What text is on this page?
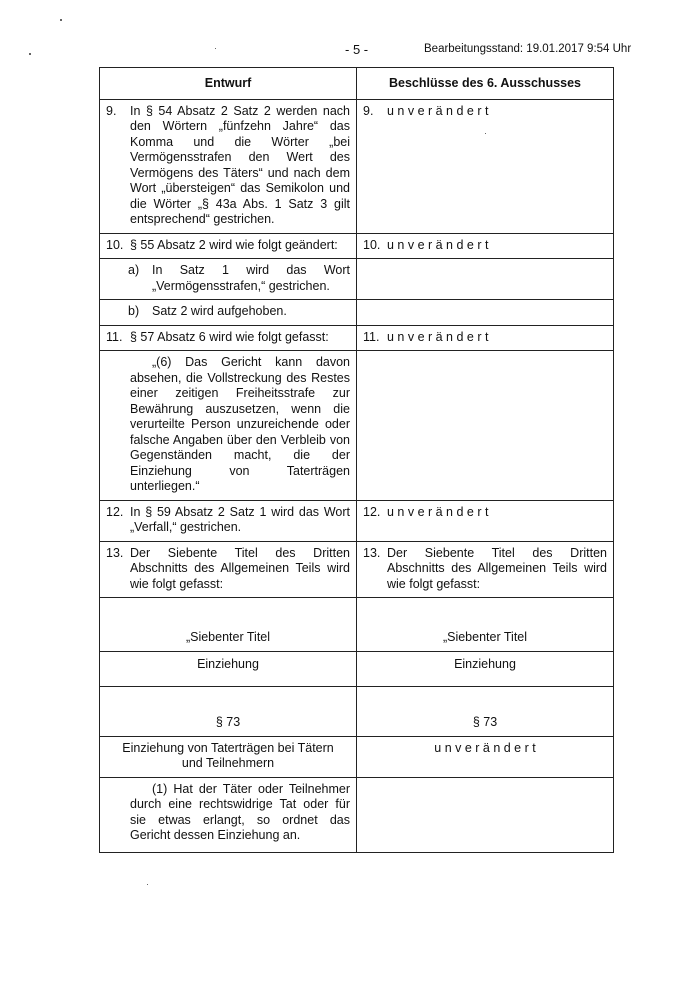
- 5 -	Bearbeitungsstand: 19.01.2017 9:54 Uhr
Entwurf	Beschlüsse des 6. Ausschusses

9. In § 54 Absatz 2 Satz 2 werden nach den Wörtern „fünfzehn Jahre“ das Komma und die Wörter „bei Vermögensstrafen den Wert des Vermögens des Täters“ und nach dem Wort „übersteigen“ das Semikolon und die Wörter „§ 43a Abs. 1 Satz 3 gilt entsprechend“ gestrichen.	9. u n v e r ä n d e r t

10. § 55 Absatz 2 wird wie folgt geändert:	10. u n v e r ä n d e r t

a) In Satz 1 wird das Wort „Vermögensstrafen,“ gestrichen.	

b) Satz 2 wird aufgehoben.	

11. § 57 Absatz 6 wird wie folgt gefasst:	11. u n v e r ä n d e r t

„(6) Das Gericht kann davon absehen, die Vollstreckung des Restes einer zeitigen Freiheitsstrafe zur Bewährung auszusetzen, wenn die verurteilte Person unzureichende oder falsche Angaben über den Verbleib von Gegenständen macht, die der Einziehung von Taterträgen unterliegen.“	

12. In § 59 Absatz 2 Satz 1 wird das Wort „Verfall,“ gestrichen.	12. u n v e r ä n d e r t

13. Der Siebente Titel des Dritten Abschnitts des Allgemeinen Teils wird wie folgt gefasst:	13. Der Siebente Titel des Dritten Abschnitts des Allgemeinen Teils wird wie folgt gefasst:

„Siebenter Titel	„Siebenter Titel
Einziehung	Einziehung
§ 73	§ 73
Einziehung von Taterträgen bei Tätern und Teilnehmern	u n v e r ä n d e r t

(1) Hat der Täter oder Teilnehmer durch eine rechtswidrige Tat oder für sie etwas erlangt, so ordnet das Gericht dessen Einziehung an.	
